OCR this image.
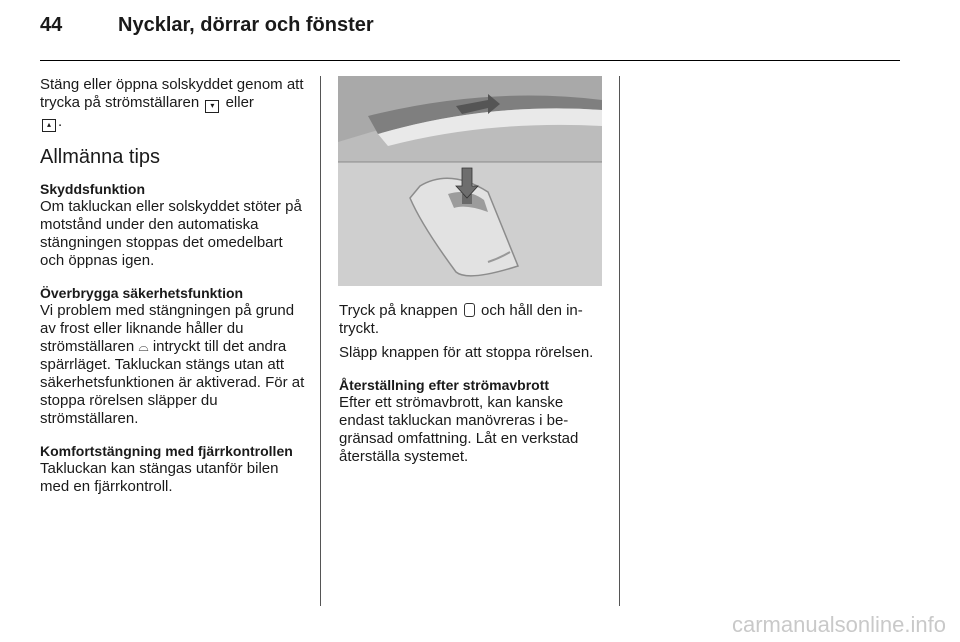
44	Nycklar, dörrar och fönster

Stäng eller öppna solskyddet genom att trycka på strömställaren ▾ eller
▴ .

Allmänna tips

Skyddsfunktion

Om takluckan eller solskyddet stöter på motstånd under den automatiska stängningen stoppas det omedelbart och öppnas igen.

Överbrygga säkerhetsfunktion

Vi problem med stängningen på grund av frost eller liknande håller du strömställaren ⌓ intryckt till det andra spärrläget. Takluckan stängs utan att säkerhetsfunktionen är aktiverad. För at stoppa rörelsen släpper du strömställaren.

Komfortstängning med fjärrkontrollen

Takluckan kan stängas utanför bilen med en fjärrkontroll.

Tryck på knappen och håll den intryckt.

Släpp knappen för att stoppa rörelsen.

Återställning efter strömavbrott

Efter ett strömavbrott, kan kanske endast takluckan manövreras i begränsad omfattning. Låt en verkstad återställa systemet.

carmanualsonline.info
